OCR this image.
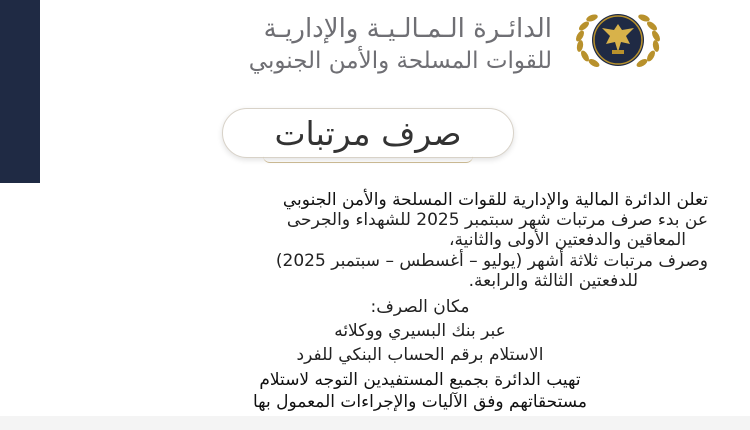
الدائـرة الـمـالـيـة والإداريـة
للقوات المسلحة والأمن الجنوبي
صرف مرتبات
تعلن الدائرة المالية والإدارية للقوات المسلحة والأمن الجنوبي
عن بدء صرف مرتبات شهر سبتمبر 2025 للشهداء والجرحى
المعاقين والدفعتين الأولى والثانية،
وصرف مرتبات ثلاثة أشهر (يوليو – أغسطس – سبتمبر 2025)
للدفعتين الثالثة والرابعة.
مكان الصرف:
عبر بنك البسيري ووكلائه
الاستلام برقم الحساب البنكي للفرد
تهيب الدائرة بجميع المستفيدين التوجه لاستلام
مستحقاتهم وفق الآليات والإجراءات المعمول بها
